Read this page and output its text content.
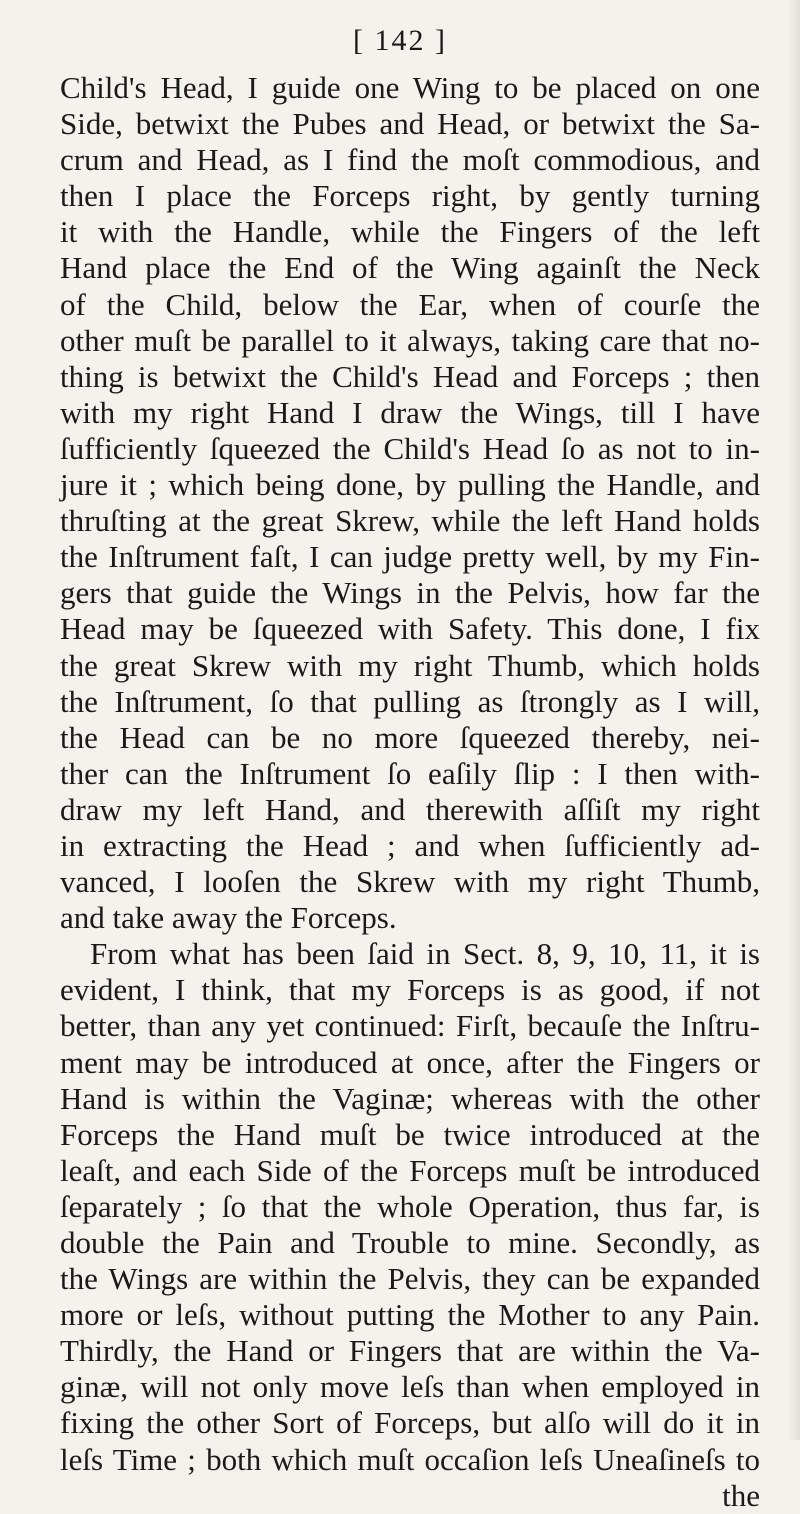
[ 142 ]
Child's Head, I guide one Wing to be placed on one
Side, betwixt the Pubes and Head, or betwixt the Sa-
crum and Head, as I find the moſt commodious, and
then I place the Forceps right, by gently turning
it with the Handle, while the Fingers of the left
Hand place the End of the Wing againſt the Neck
of the Child, below the Ear, when of courſe the
other muſt be parallel to it always, taking care that no-
thing is betwixt the Child's Head and Forceps ; then
with my right Hand I draw the Wings, till I have
ſufficiently ſqueezed the Child's Head ſo as not to in-
jure it ; which being done, by pulling the Handle, and
thruſting at the great Skrew, while the left Hand holds
the Inſtrument faſt, I can judge pretty well, by my Fin-
gers that guide the Wings in the Pelvis, how far the
Head may be ſqueezed with Safety. This done, I fix
the great Skrew with my right Thumb, which holds
the Inſtrument, ſo that pulling as ſtrongly as I will,
the Head can be no more ſqueezed thereby, nei-
ther can the Inſtrument ſo eaſily ſlip : I then with-
draw my left Hand, and therewith aſſiſt my right
in extracting the Head ; and when ſufficiently ad-
vanced, I looſen the Skrew with my right Thumb,
and take away the Forceps.
From what has been ſaid in Sect. 8, 9, 10, 11, it is
evident, I think, that my Forceps is as good, if not
better, than any yet continued: Firſt, becauſe the Inſtru-
ment may be introduced at once, after the Fingers or
Hand is within the Vaginæ; whereas with the other
Forceps the Hand muſt be twice introduced at the
leaſt, and each Side of the Forceps muſt be introduced
ſeparately ; ſo that the whole Operation, thus far, is
double the Pain and Trouble to mine. Secondly, as
the Wings are within the Pelvis, they can be expanded
more or leſs, without putting the Mother to any Pain.
Thirdly, the Hand or Fingers that are within the Va-
ginæ, will not only move leſs than when employed in
fixing the other Sort of Forceps, but alſo will do it in
leſs Time ; both which muſt occaſion leſs Uneaſineſs to
the
